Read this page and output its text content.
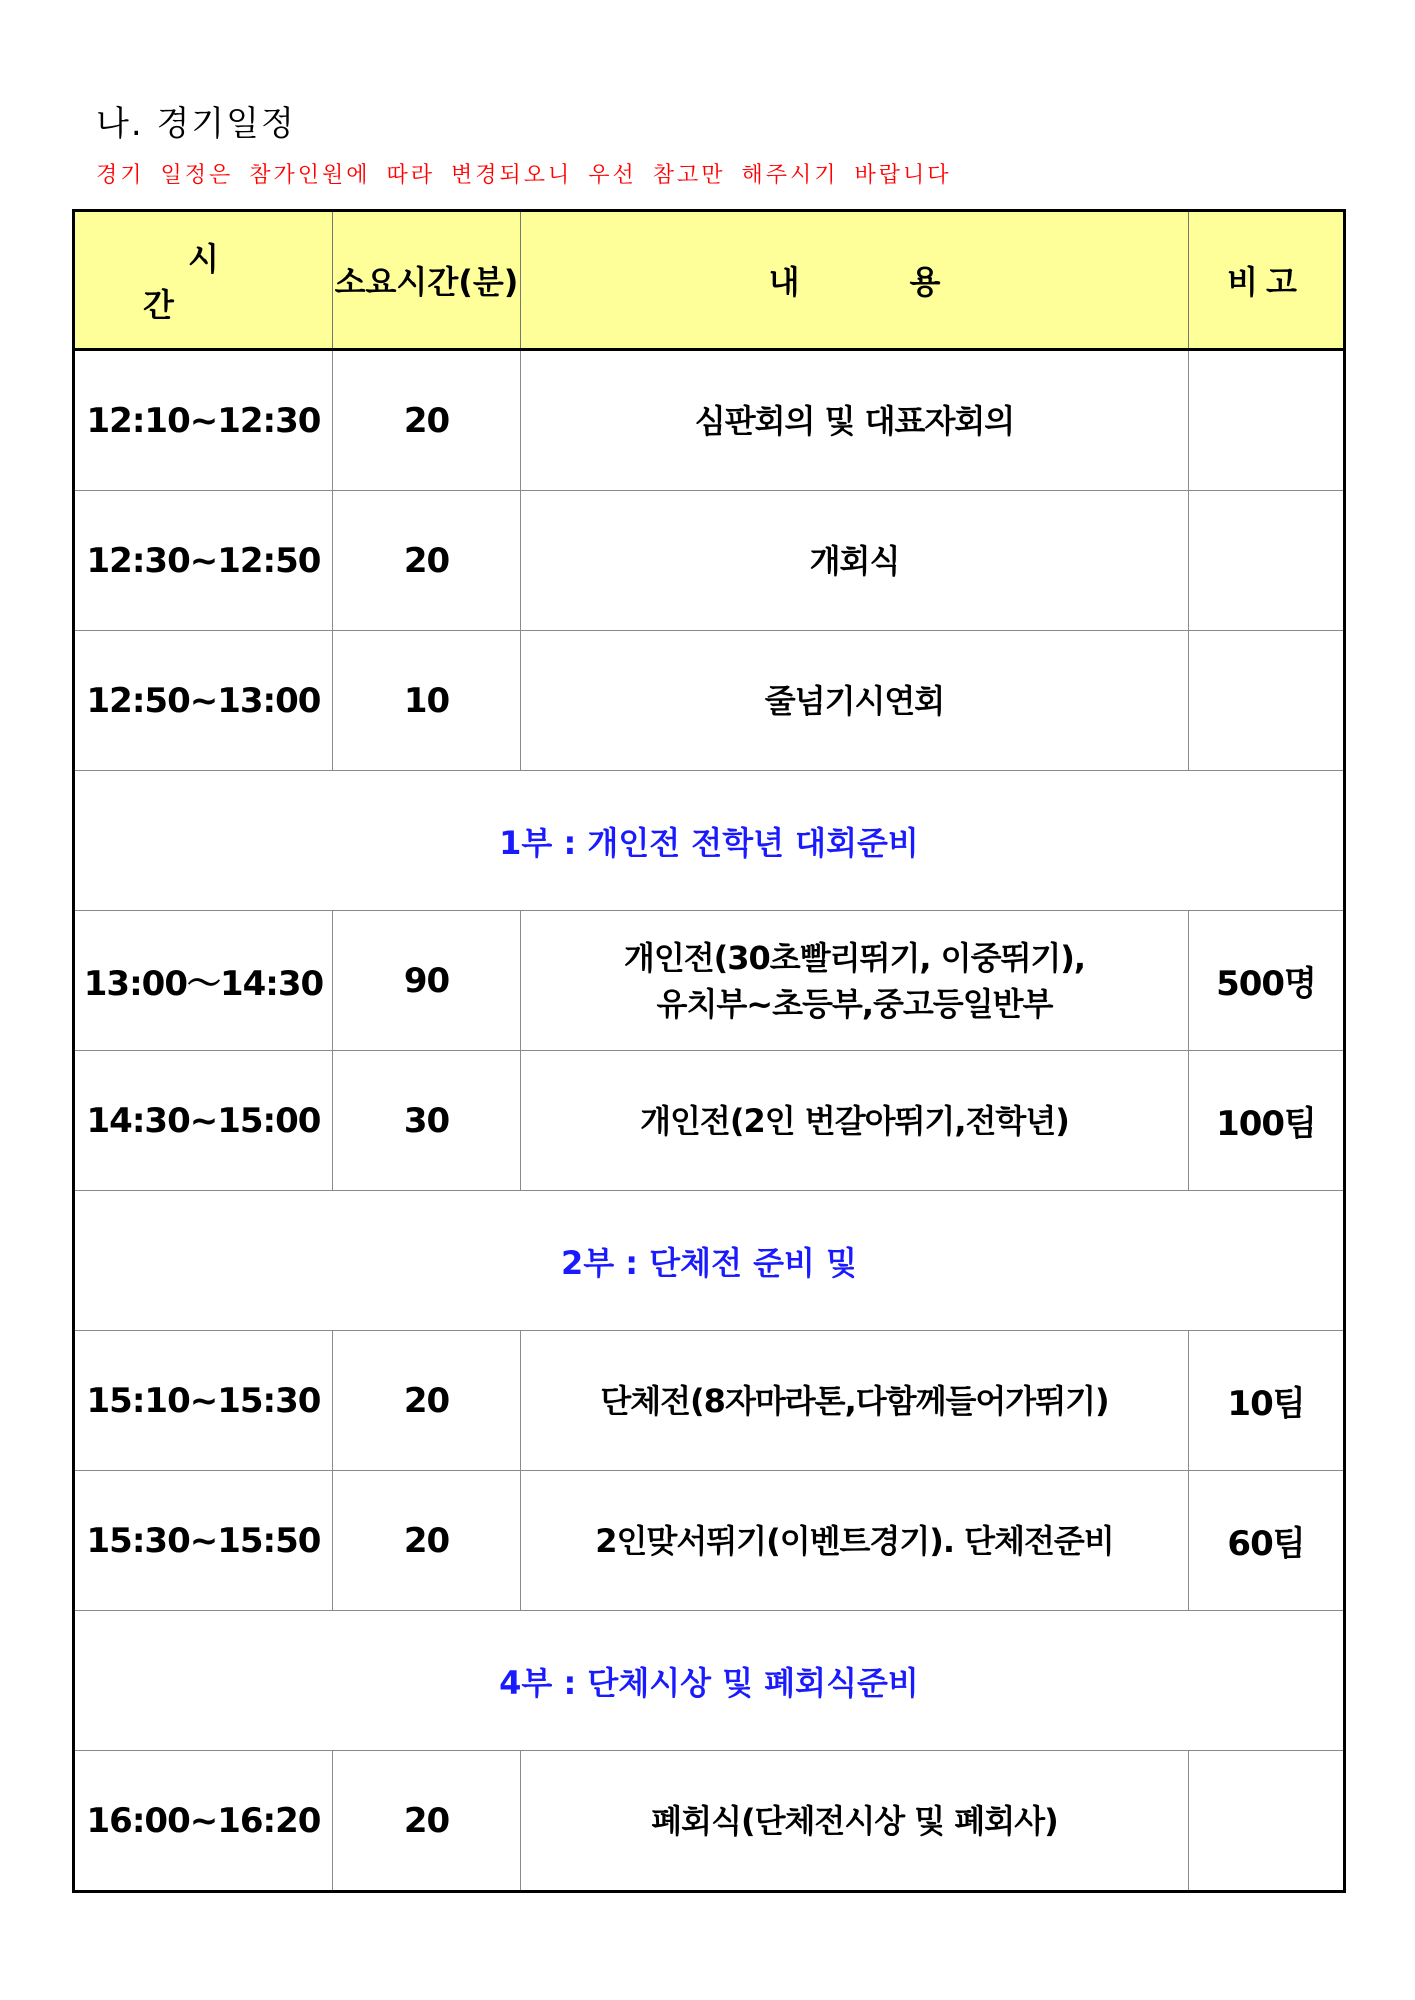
나. 경기일정
경기 일정은 참가인원에 따라 변경되오니 우선 참고만 해주시기 바랍니다
시간	소요시간(분)	내용	비고
12:10~12:30	20	심판회의 및 대표자회의	

12:30~12:50	20	개회식	

12:50~13:00	10	줄넘기시연회	

1부 : 개인전 전학년 대회준비			
13:00～14:30	90	개인전(30초빨리뛰기, 이중뛰기),
유치부~초등부,중고등일반부	500명
14:30~15:00	30	개인전(2인 번갈아뛰기,전학년)	100팀
2부 : 단체전 준비 및			
15:10~15:30	20	단체전(8자마라톤,다함께들어가뛰기)	10팀
15:30~15:50	20	2인맞서뛰기(이벤트경기). 단체전준비	60팀
4부 : 단체시상 및 폐회식준비			
16:00~16:20	20	폐회식(단체전시상 및 폐회사)	
